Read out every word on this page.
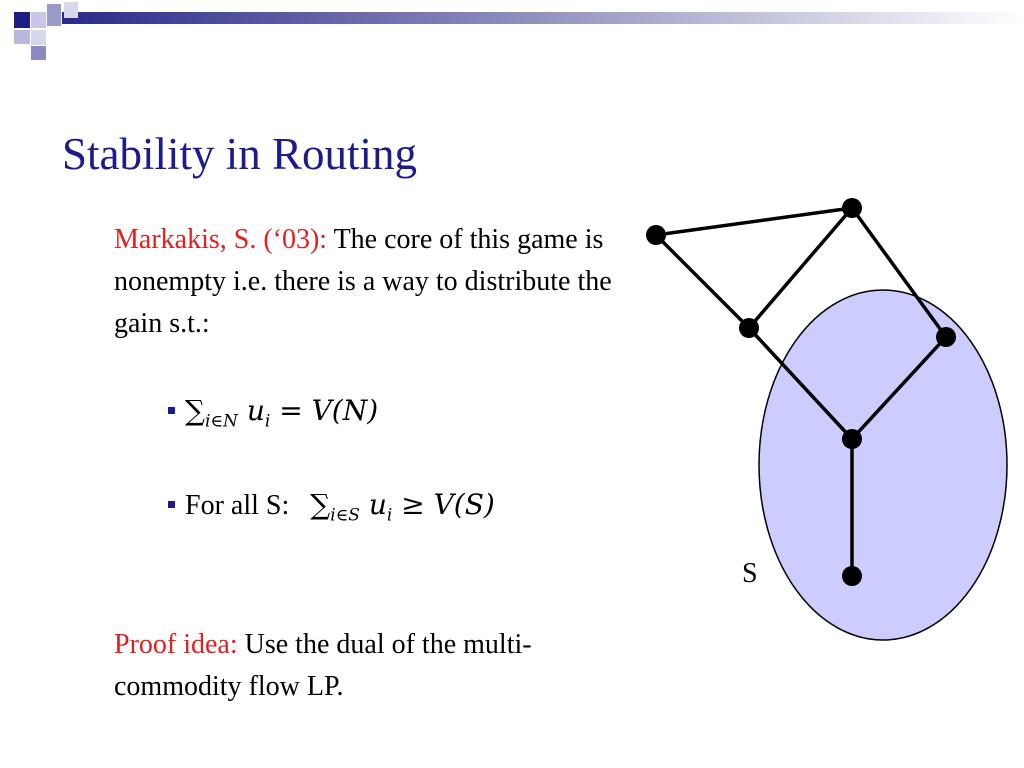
Stability in Routing
Markakis, S. (‘03): The core of this game is nonempty i.e. there is a way to distribute the gain s.t.:
$\sum_{i\in N}$ $u_i = V(N)$
For all S: $\sum_{i\in S}$ $u_i \ge V(S)$
Proof idea: Use the dual of the multi-commodity flow LP.
S
